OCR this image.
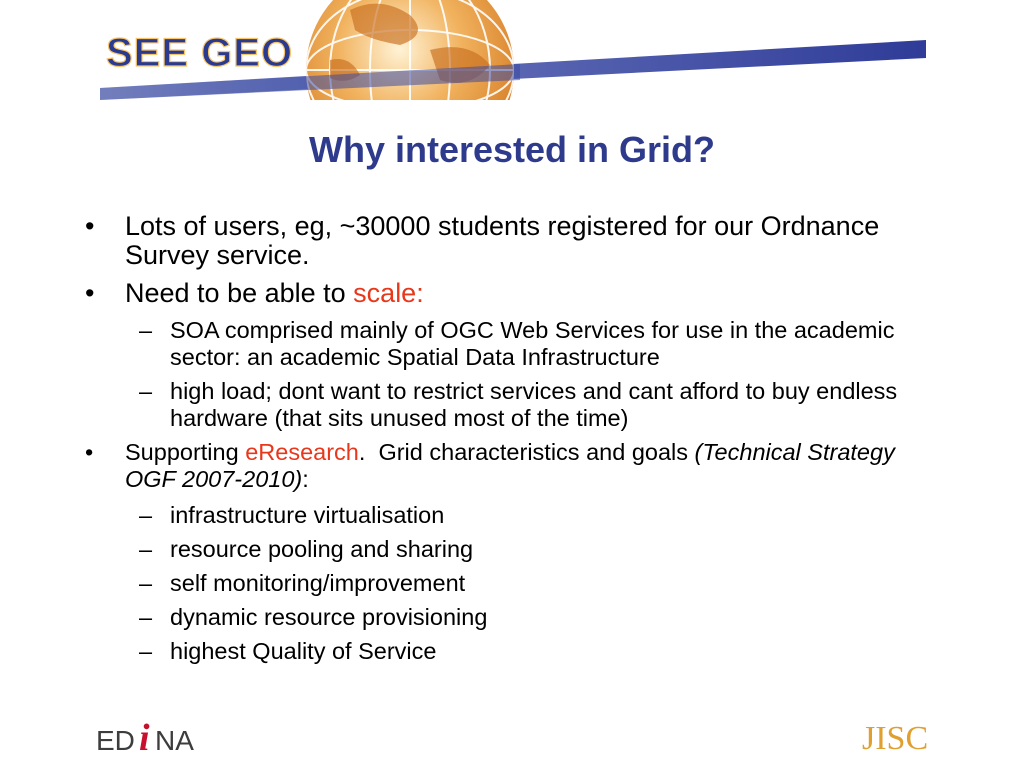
SEE GEO
Why interested in Grid?
• Lots of users, eg, ~30000 students registered for our Ordnance Survey service.
• Need to be able to scale:
– SOA comprised mainly of OGC Web Services for use in the academic sector: an academic Spatial Data Infrastructure
– high load; dont want to restrict services and cant afford to buy endless hardware (that sits unused most of the time)
• Supporting eResearch.  Grid characteristics and goals (Technical Strategy OGF 2007-2010):
– infrastructure virtualisation
– resource pooling and sharing
– self monitoring/improvement
– dynamic resource provisioning
– highest Quality of Service
ED i NA	JISC
